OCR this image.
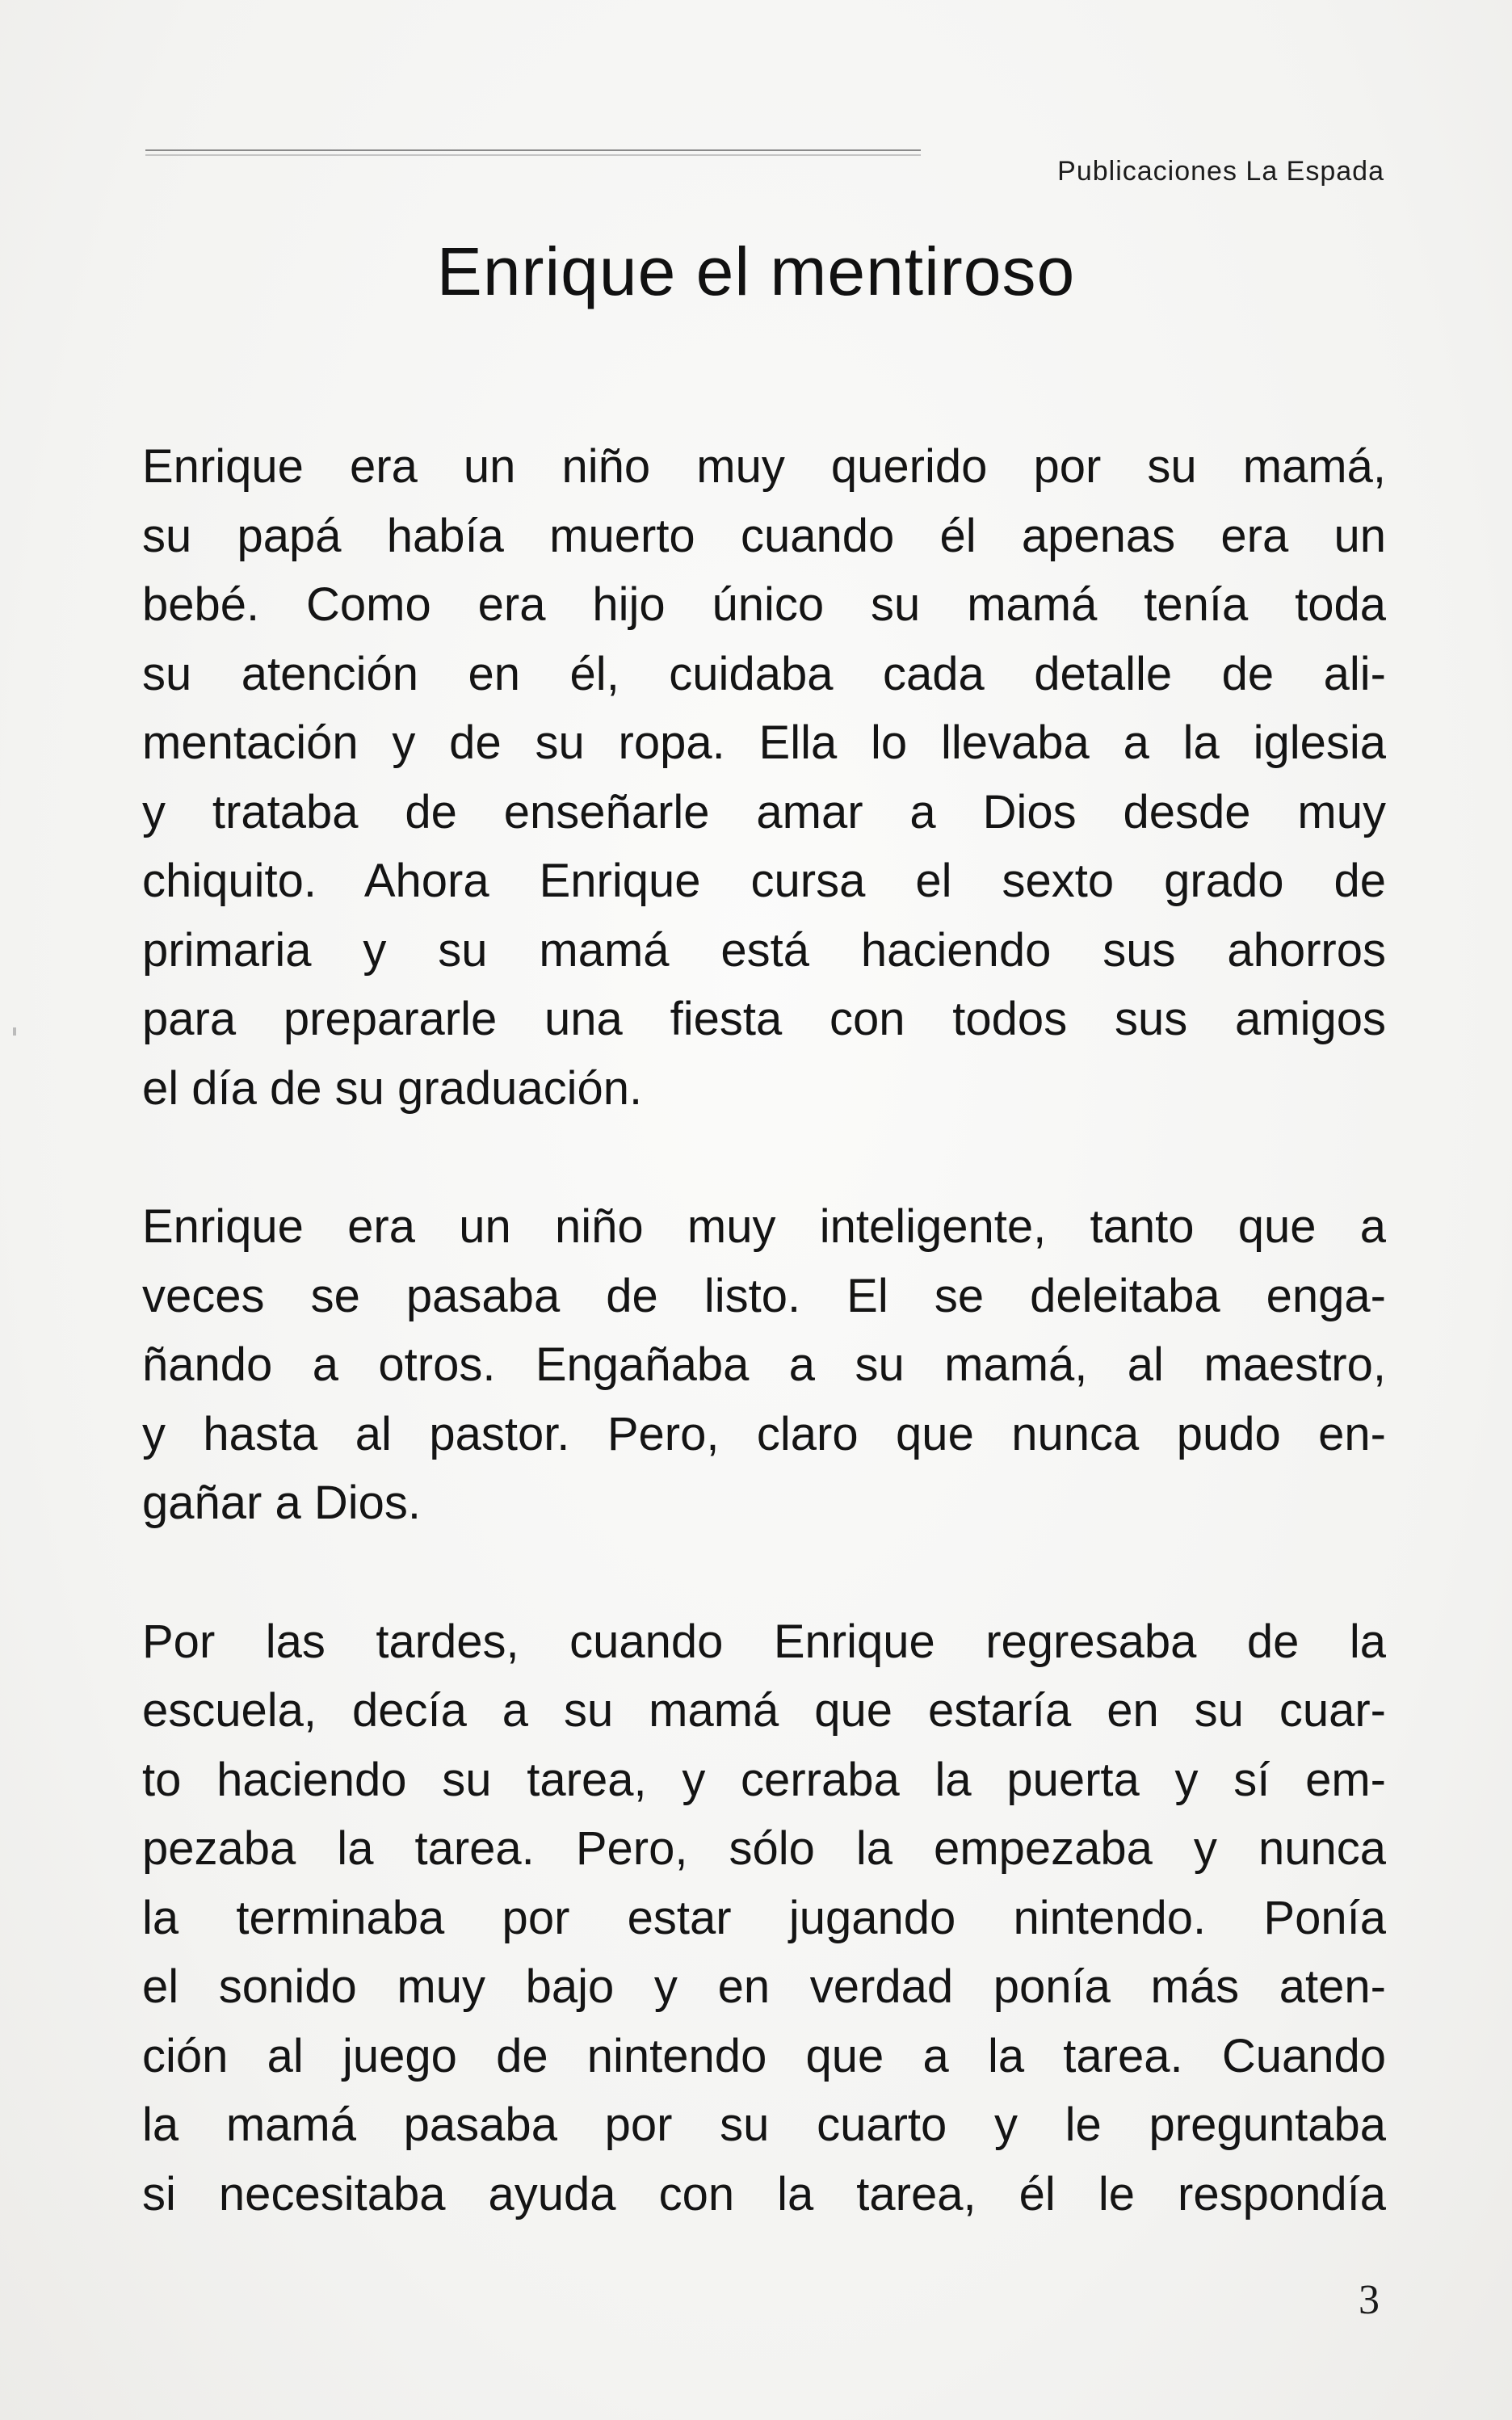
Publicaciones La Espada
Enrique el mentiroso

Enrique era un niño muy querido por su mamá,
su papá había muerto cuando él apenas era un
bebé. Como era hijo único su mamá tenía toda
su atención en él, cuidaba cada detalle de ali-
mentación y de su ropa. Ella lo llevaba a la iglesia
y trataba de enseñarle amar a Dios desde muy
chiquito. Ahora Enrique cursa el sexto grado de
primaria y su mamá está haciendo sus ahorros
para prepararle una fiesta con todos sus amigos
el día de su graduación.

Enrique era un niño muy inteligente, tanto que a
veces se pasaba de listo. El se deleitaba enga-
ñando a otros. Engañaba a su mamá, al maestro,
y hasta al pastor. Pero, claro que nunca pudo en-
gañar a Dios.

Por las tardes, cuando Enrique regresaba de la
escuela, decía a su mamá que estaría en su cuar-
to haciendo su tarea, y cerraba la puerta y sí em-
pezaba la tarea. Pero, sólo la empezaba y nunca
la terminaba por estar jugando nintendo. Ponía
el sonido muy bajo y en verdad ponía más aten-
ción al juego de nintendo que a la tarea. Cuando
la mamá pasaba por su cuarto y le preguntaba
si necesitaba ayuda con la tarea, él le respondía

3
